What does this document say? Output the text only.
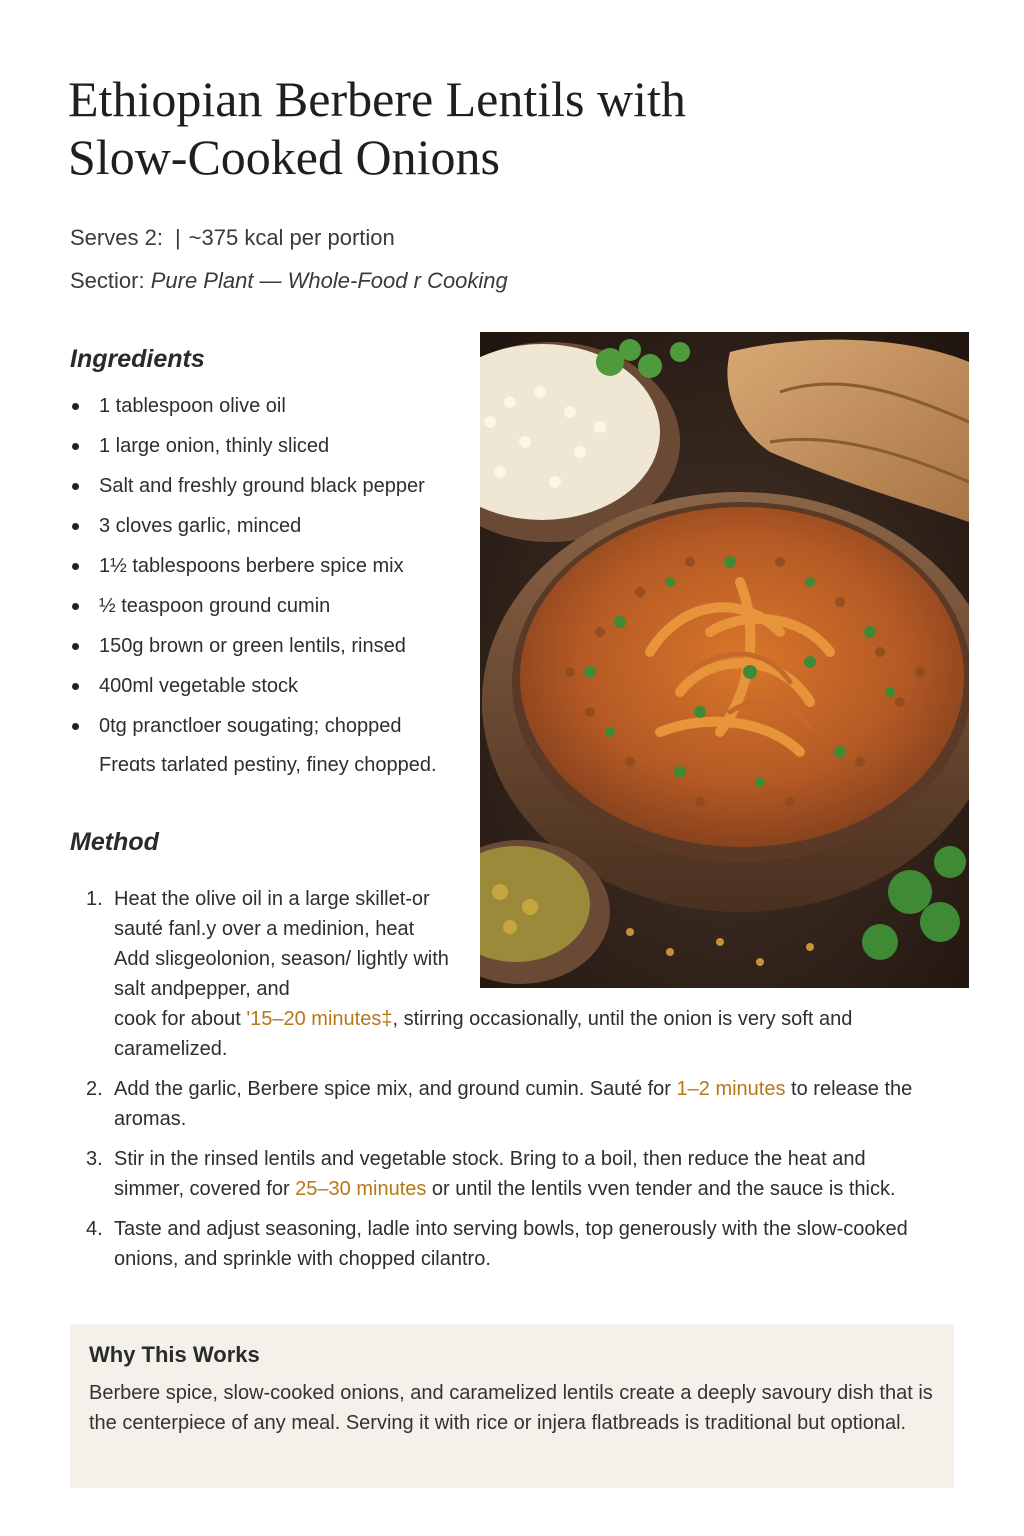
Ethiopian Berbere Lentils with Slow-Cooked Onions
Serves 2: | ~375 kcal per portion
Sectior: Pure Plant — Whole-Food r Cooking
Ingredients
1 tablespoon olive oil
1 large onion, thinly sliced
Salt and freshly ground black pepper
3 cloves garlic, minced
1½ tablespoons berbere spice mix
½ teaspoon ground cumin
150g brown or green lentils, rinsed
400ml vegetable stock
0tg pranctloer sougating; chopped
Freɑts tarlated pestiny, finey chopped.
Method
1. Heat the olive oil in a large skillet-or sauté fanl.y over a medinion, heat Add sliɛgeolonion, season/ lightly with salt andpepper, and
cook for about '15–20 minutes‡, stirring occasionally, until the onion is very soft and caramelized.
2. Add the garlic, Berbere spice mix, and ground cumin. Sauté for 1–2 minutes to release the aromas.
3. Stir in the rinsed lentils and vegetable stock. Bring to a boil, then reduce the heat and simmer, covered for 25–30 minutes or until the lentils vven tender and the sauce is thick.
4. Taste and adjust seasoning, ladle into serving bowls, top generously with the slow-cooked onions, and sprinkle with chopped cilantro.
Why This Works

Berbere spice, slow-cooked onions, and caramelized lentils create a deeply savoury dish that is the centerpiece of any meal. Serving it with rice or injera flatbreads is traditional but optional.
